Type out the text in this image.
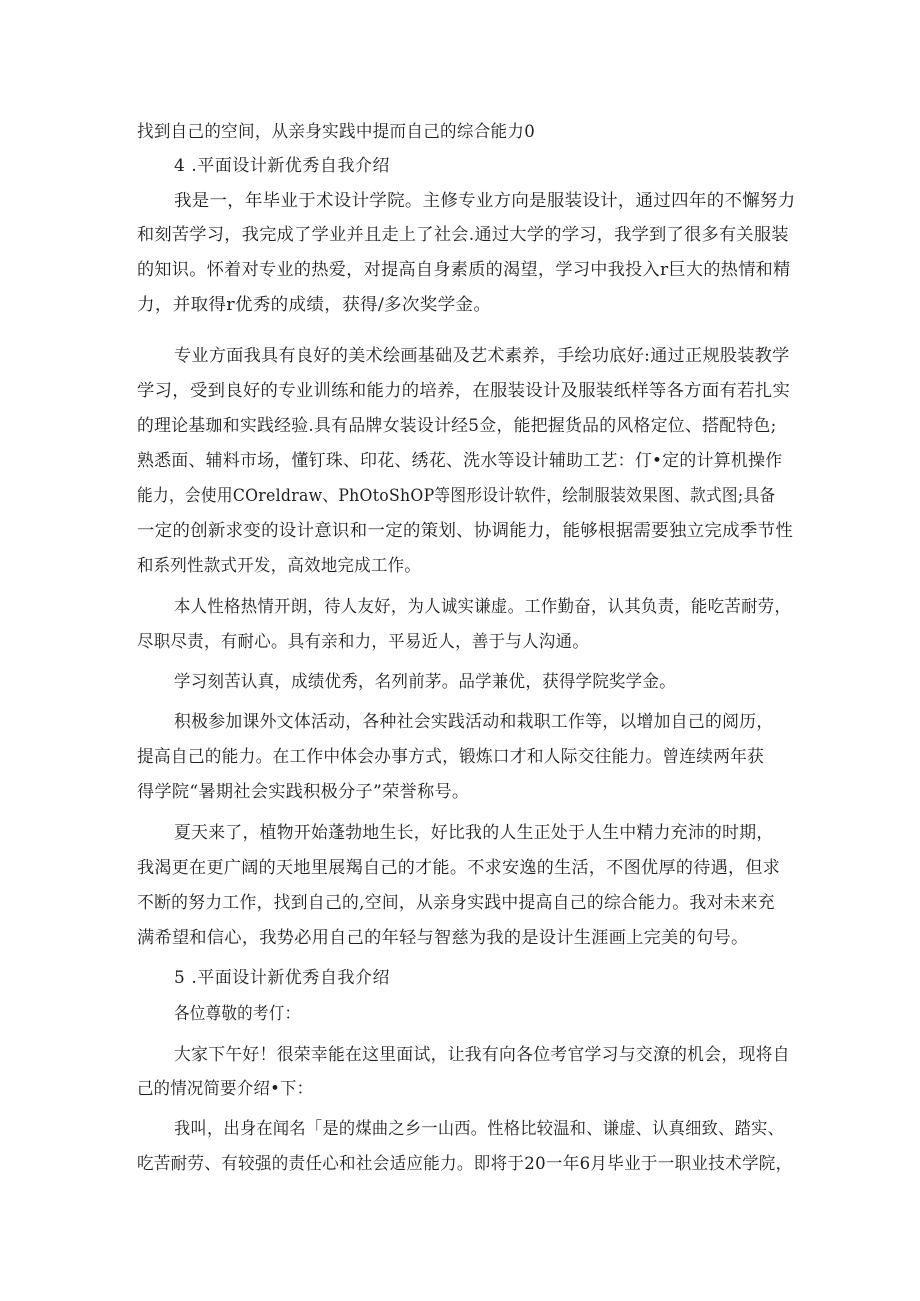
找到自己的空间，从亲身实践中提而自己的综合能力0

4 .平面设计新优秀自我介绍

我是一，年毕业于术设计学院。主修专业方向是服装设计，通过四年的不懈努力

和刻苦学习，我完成了学业并且走上了社会.通过大学的学习，我学到了很多有关服装

的知识。怀着对专业的热爱，对提高自身素质的渴望，学习中我投入r巨大的热情和精

力，并取得r优秀的成绩，获得/多次奖学金。

专业方面我具有良好的美术绘画基础及艺术素养，手绘功底好:通过正规股装教学

学习，受到良好的专业训练和能力的培养，在服装设计及服装纸样等各方面有若扎实

的理论基珈和实践经验.具有品牌女装设计经5佥，能把握货品的风格定位、搭配特色;

熟悉面、辅料市场，懂钉珠、印花、绣花、洗水等设计辅助工艺：仃•定的计算机操作

能力，会使用COreldraw、PhOtoShOP等图形设计软件，绘制服装效果图、款式图;具备

一定的创新求变的设计意识和一定的策划、协调能力，能够根据需要独立完成季节性

和系列性款式开发，高效地完成工作。

本人性格热情开朗，待人友好，为人诚实谦虚。工作勤奋，认其负责，能吃苦耐劳，

尽职尽责，有耐心。具有亲和力，平易近人，善于与人沟通。

学习刻苦认真，成绩优秀，名列前茅。品学兼优，获得学院奖学金。

积极参加课外文体活动，各种社会实践活动和栽职工作等，以增加自己的阅历，

提高自己的能力。在工作中体会办事方式，锻炼口才和人际交往能力。曾连续两年获

得学院“暑期社会实践积极分子”荣誉称号。

夏天来了，植物开始蓬勃地生长，好比我的人生正处于人生中精力充沛的时期，

我渴更在更广阔的天地里展羯自己的才能。不求安逸的生活，不图优厚的待遇，但求

不断的努力工作，找到自己的,空间，从亲身实践中提高自己的综合能力。我对未来充

满希望和信心，我势必用自己的年轻与智慈为我的是设计生涯画上完美的句号。

5 .平面设计新优秀自我介绍

各位尊敬的考仃：

大家下午好！很荣幸能在这里面试，让我有向各位考官学习与交潦的机会，现将自

己的情况简要介绍•下：

我叫，出身在闻名「是的煤曲之乡一山西。性格比较温和、谦虚、认真细致、踏实、

吃苦耐劳、有较强的责任心和社会适应能力。即将于20一年6月毕业于一职业技术学院，
